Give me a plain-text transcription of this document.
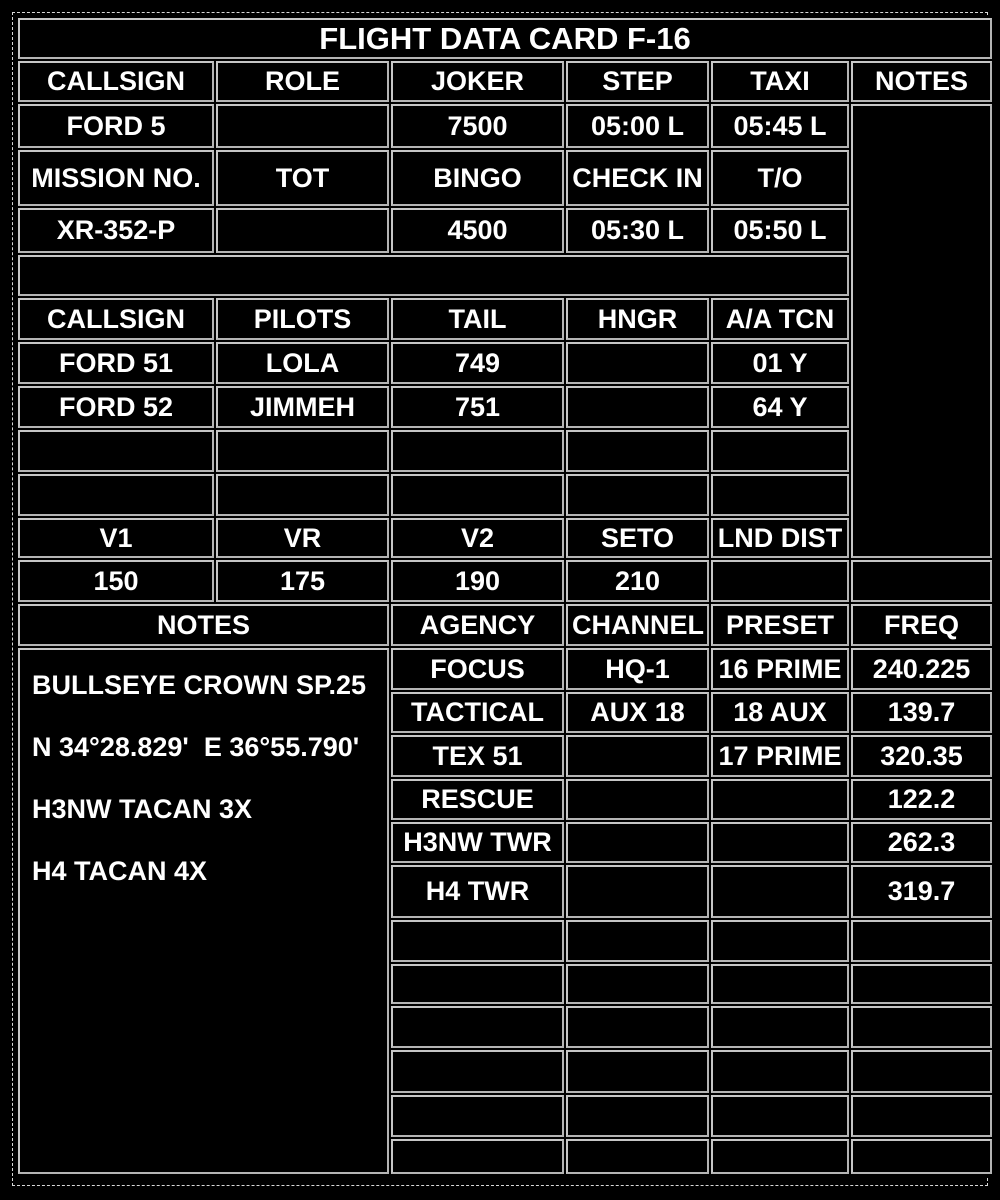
FLIGHT DATA CARD F-16					
CALLSIGN	ROLE	JOKER	STEP	TAXI	NOTES
FORD 5		7500	05:00 L	05:45 L	
MISSION NO.	TOT	BINGO	CHECK IN	T/O	
XR-352-P		4500	05:30 L	05:50 L	

CALLSIGN	PILOTS	TAIL	HNGR	A/A TCN	
FORD 51	LOLA	749		01 Y	
FORD 52	JIMMEH	751		64 Y	

V1	VR	V2	SETO	LND DIST	
150	175	190	210		
NOTES		AGENCY	CHANNEL	PRESET	FREQ

BULLSEYE CROWN SP.25
N 34°28.829'  E 36°55.790'
H3NW TACAN 3X
H4 TACAN 4X		FOCUS	HQ-1	16 PRIME	240.225
		TACTICAL	AUX 18	18 AUX	139.7
		TEX 51		17 PRIME	320.35
		RESCUE			122.2
		H3NW TWR			262.3
		H4 TWR			319.7
